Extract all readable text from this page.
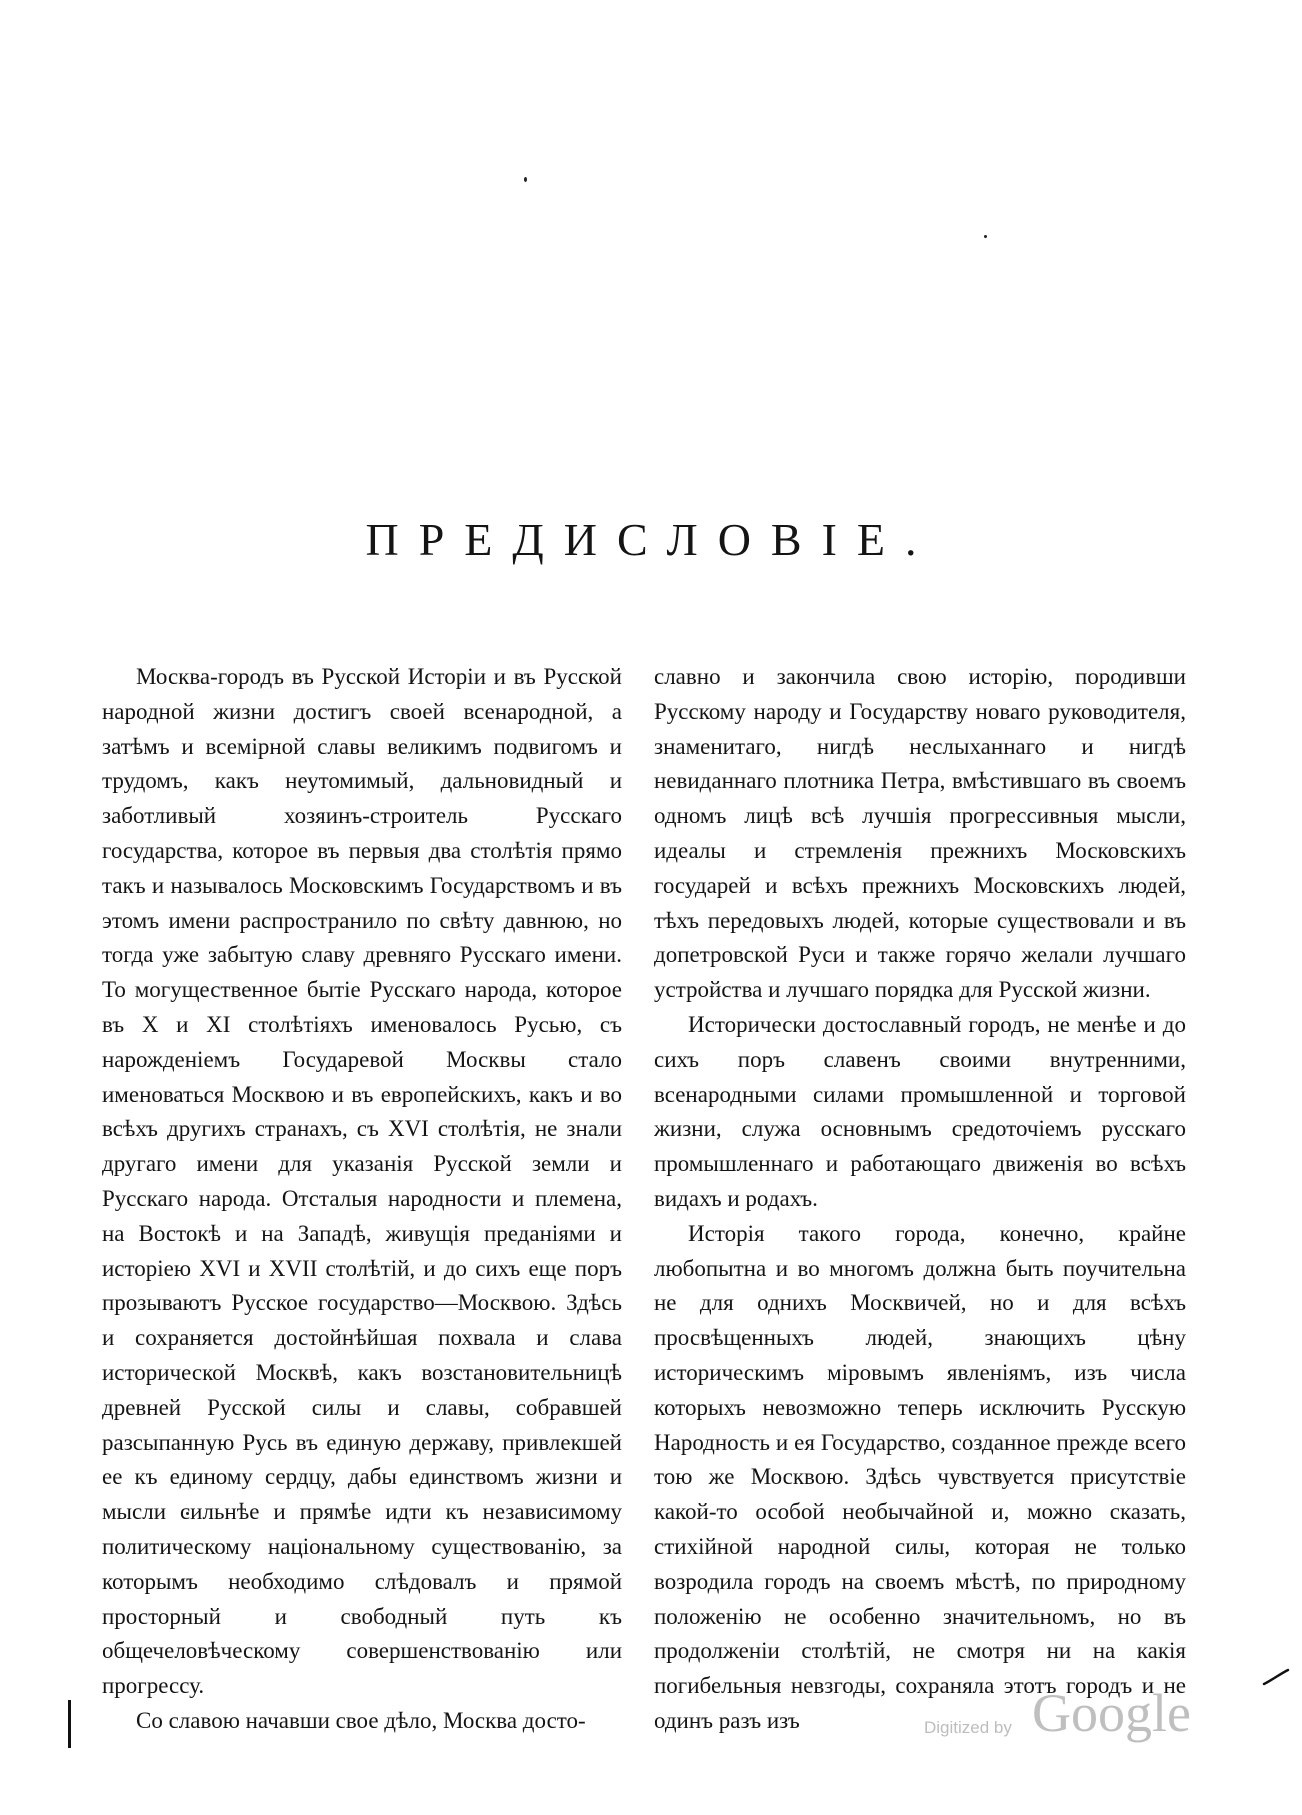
ПРЕДИСЛОВІЕ.

Москва-городъ въ Русской Исторіи и въ Русской народной жизни достигъ своей всенародной, а затѣмъ и всемірной славы великимъ подвигомъ и трудомъ, какъ неутомимый, дальновидный и заботливый хозяинъ-строитель Русскаго государства, которое въ первыя два столѣтія прямо такъ и называлось Московскимъ Государствомъ и въ этомъ имени распространило по свѣту давнюю, но тогда уже забытую славу древняго Русскаго имени. То могущественное бытіе Русскаго народа, которое въ X и XI столѣтіяхъ именовалось Русью, съ нарожденіемъ Государевой Москвы стало именоваться Москвою и въ европейскихъ, какъ и во всѣхъ другихъ странахъ, съ XVI столѣтія, не знали другаго имени для указанія Русской земли и Русскаго народа. Отсталыя народности и племена, на Востокѣ и на Западѣ, живущія преданіями и исторіею XVI и XVII столѣтій, и до сихъ еще поръ прозываютъ Русское государство—Москвою. Здѣсь и сохраняется достойнѣйшая похвала и слава исторической Москвѣ, какъ возстановительницѣ древней Русской силы и славы, собравшей разсыпанную Русь въ единую державу, привлекшей ее къ единому сердцу, дабы единствомъ жизни и мысли сильнѣе и прямѣе идти къ независимому политическому національному существованію, за которымъ необходимо слѣдовалъ и прямой просторный и свободный путь къ общечеловѣческому совершенствованію или прогрессу.

Со славою начавши свое дѣло, Москва досто-

славно и закончила свою исторію, породивши Русскому народу и Государству новаго руководителя, знаменитаго, нигдѣ неслыханнаго и нигдѣ невиданнаго плотника Петра, вмѣстившаго въ своемъ одномъ лицѣ всѣ лучшія прогрессивныя мысли, идеалы и стремленія прежнихъ Московскихъ государей и всѣхъ прежнихъ Московскихъ людей, тѣхъ передовыхъ людей, которые существовали и въ допетровской Руси и также горячо желали лучшаго устройства и лучшаго порядка для Русской жизни.

Исторически достославный городъ, не менѣе и до сихъ поръ славенъ своими внутренними, всенародными силами промышленной и торговой жизни, служа основнымъ средоточіемъ русскаго промышленнаго и работающаго движенія во всѣхъ видахъ и родахъ.

Исторія такого города, конечно, крайне любопытна и во многомъ должна быть поучительна не для однихъ Москвичей, но и для всѣхъ просвѣщенныхъ людей, знающихъ цѣну историческимъ міровымъ явленіямъ, изъ числа которыхъ невозможно теперь исключить Русскую Народность и ея Государство, созданное прежде всего тою же Москвою. Здѣсь чувствуется присутствіе какой-то особой необычайной и, можно сказать, стихійной народной силы, которая не только возродила городъ на своемъ мѣстѣ, по природному положенію не особенно значительномъ, но въ продолженіи столѣтій, не смотря ни на какія погибельныя невзгоды, сохраняла этотъ городъ и не одинъ разъ изъ	Digitized by Google
